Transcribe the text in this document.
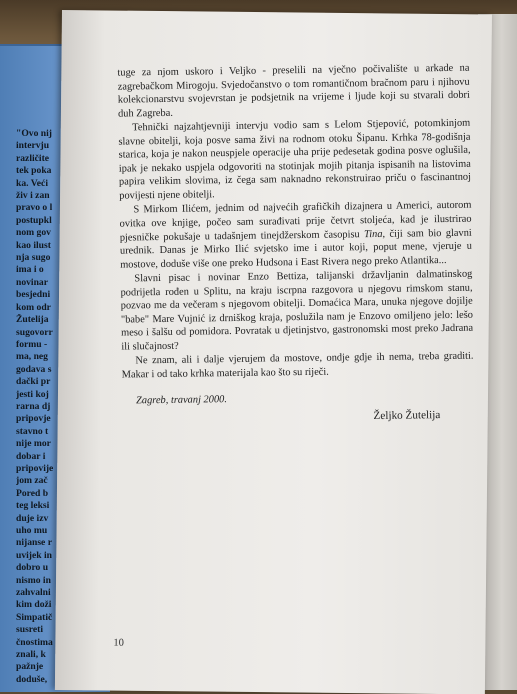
"Ovo nij
intervju
različite
tek poka
ka. Veći
živ i zan
pravo o l
postupkl
nom gov
kao ilust
nja sugo
ima i o
novinar
besjedni
kom odr
Žutelija
sugovorr
formu -
ma, neg
godava s
dački pr
jesti koj
rarna dj
pripovje
stavno t
nije mor
dobar i
pripovije
jom zač
Pored b
teg leksi
duje izv
uho mu
nijanse r
uvijek in
dobro u
nismo in
zahvalni
kim doži
Simpatič
susreti
čnostima
znali, k
pažnje
doduše,

tuge za njom uskoro i Veljko - preselili na vječno počivalište u arkade na zagrebačkom Mirogoju. Svjedočanstvo o tom romantičnom bračnom paru i njihovu kolekcionarstvu svojevrstan je podsjetnik na vrijeme i ljude koji su stvarali dobri duh Zagreba.

Tehnički najzahtjevniji intervju vodio sam s Lelom Stjepović, potomkinjom slavne obitelji, koja posve sama živi na rodnom otoku Šipanu. Krhka 78-godišnja starica, koja je nakon neuspjele operacije uha prije pedesetak godina posve oglušila, ipak je nekako uspjela odgovoriti na stotinjak mojih pitanja ispisanih na listovima papira velikim slovima, iz čega sam naknadno rekonstruirao priču o fascinantnoj povijesti njene obitelji.

S Mirkom Ilićem, jednim od najvećih grafičkih dizajnera u Americi, autorom ovitka ove knjige, počeo sam surađivati prije četvrt stoljeća, kad je ilustrirao pjesničke pokušaje u tadašnjem tinejdžerskom časopisu Tina, čiji sam bio glavni urednik. Danas je Mirko Ilić svjetsko ime i autor koji, poput mene, vjeruje u mostove, doduše više one preko Hudsona i East Rivera nego preko Atlantika...

Slavni pisac i novinar Enzo Bettiza, talijanski državljanin dalmatinskog podrijetla rođen u Splitu, na kraju iscrpna razgovora u njegovu rimskom stanu, pozvao me da večeram s njegovom obitelji. Domaćica Mara, unuka njegove dojilje "babe" Mare Vujnić iz drniškog kraja, poslužila nam je Enzovo omiljeno jelo: lešo meso i šalšu od pomidora. Povratak u djetinjstvo, gastronomski most preko Jadrana ili slučajnost?

Ne znam, ali i dalje vjerujem da mostove, ondje gdje ih nema, treba graditi. Makar i od tako krhka materijala kao što su riječi.

Zagreb, travanj 2000.

Željko Žutelija

10
